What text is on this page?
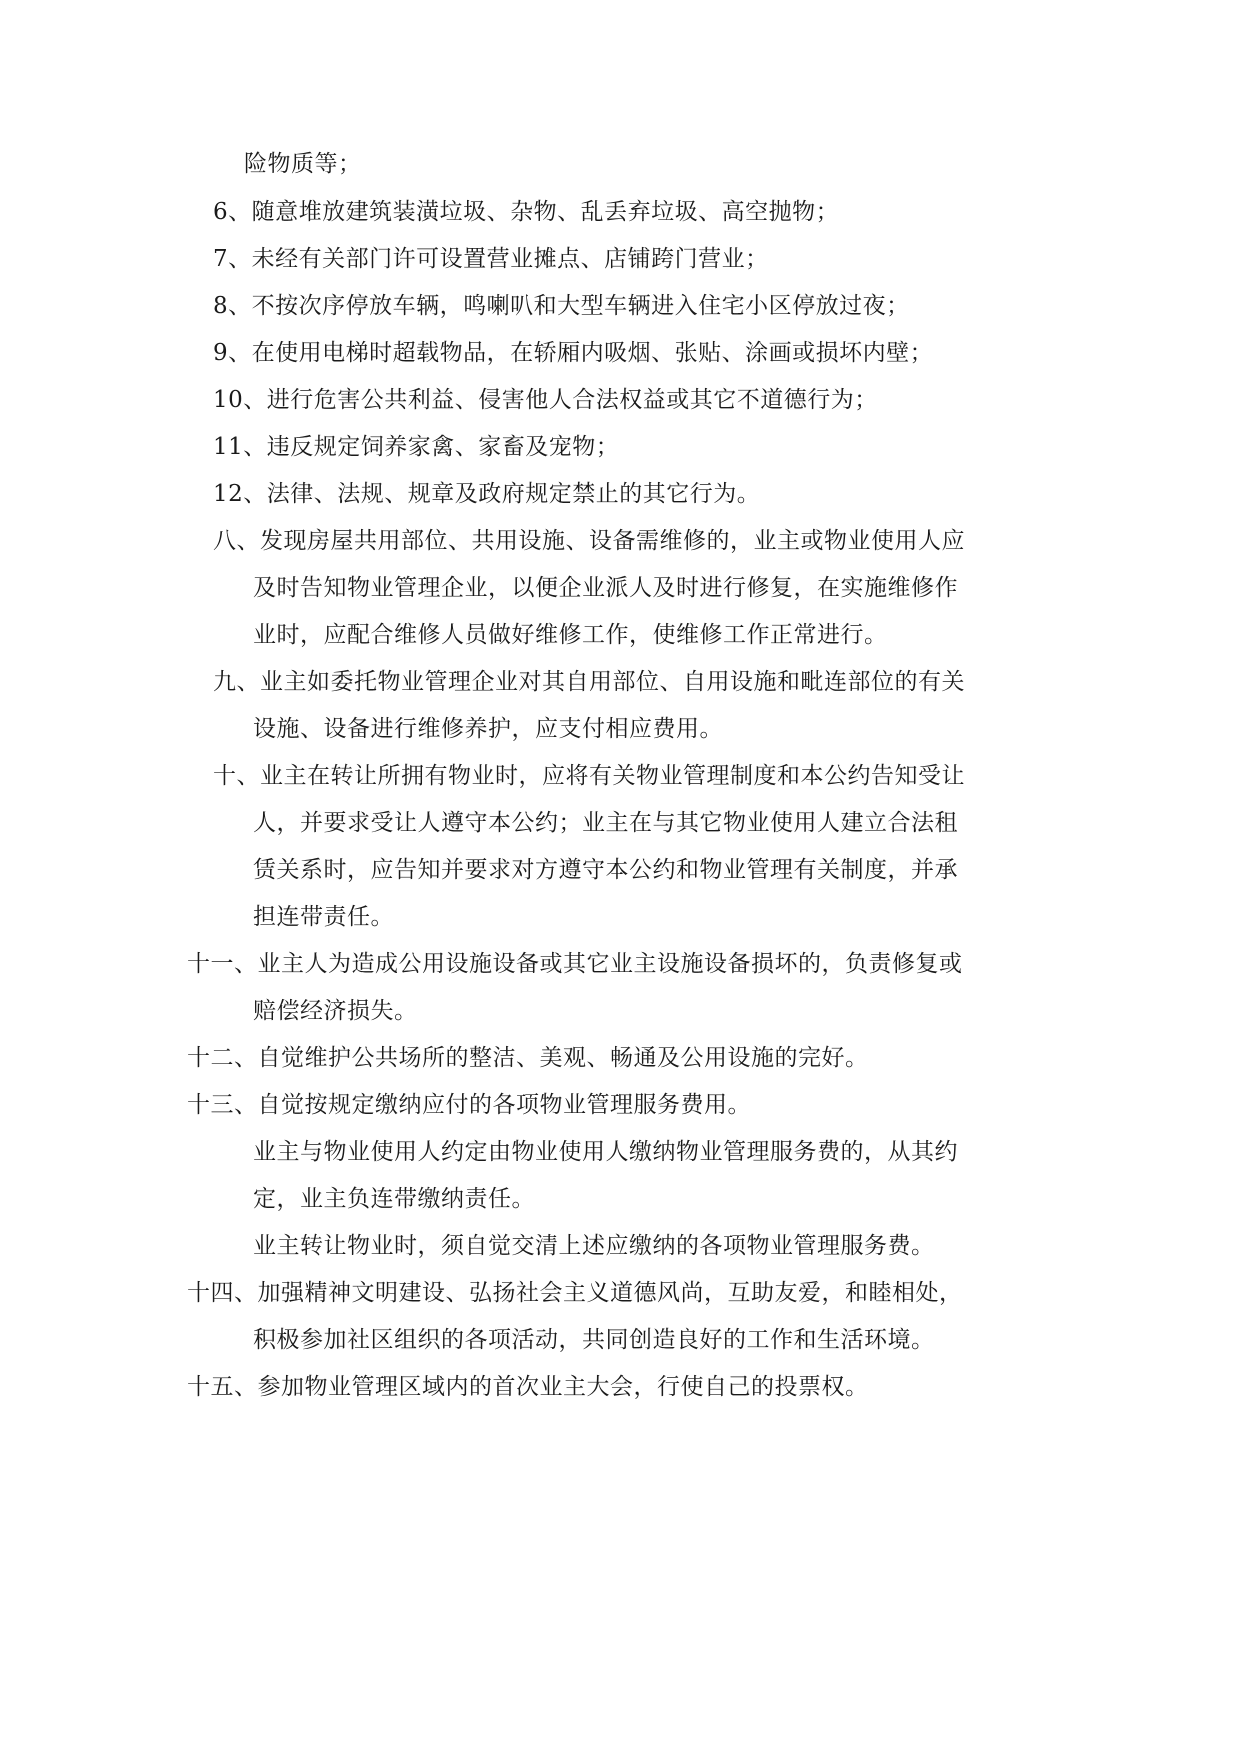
险物质等；
6、随意堆放建筑装潢垃圾、杂物、乱丢弃垃圾、高空抛物；
7、未经有关部门许可设置营业摊点、店铺跨门营业；
8、不按次序停放车辆，鸣喇叭和大型车辆进入住宅小区停放过夜；
9、在使用电梯时超载物品，在轿厢内吸烟、张贴、涂画或损坏内壁；
10、进行危害公共利益、侵害他人合法权益或其它不道德行为；
11、违反规定饲养家禽、家畜及宠物；
12、法律、法规、规章及政府规定禁止的其它行为。
八、发现房屋共用部位、共用设施、设备需维修的，业主或物业使用人应
及时告知物业管理企业，以便企业派人及时进行修复，在实施维修作
业时，应配合维修人员做好维修工作，使维修工作正常进行。
九、业主如委托物业管理企业对其自用部位、自用设施和毗连部位的有关
设施、设备进行维修养护，应支付相应费用。
十、业主在转让所拥有物业时，应将有关物业管理制度和本公约告知受让
人，并要求受让人遵守本公约；业主在与其它物业使用人建立合法租
赁关系时，应告知并要求对方遵守本公约和物业管理有关制度，并承
担连带责任。
十一、业主人为造成公用设施设备或其它业主设施设备损坏的，负责修复或
赔偿经济损失。
十二、自觉维护公共场所的整洁、美观、畅通及公用设施的完好。
十三、自觉按规定缴纳应付的各项物业管理服务费用。
业主与物业使用人约定由物业使用人缴纳物业管理服务费的，从其约
定，业主负连带缴纳责任。
业主转让物业时，须自觉交清上述应缴纳的各项物业管理服务费。
十四、加强精神文明建设、弘扬社会主义道德风尚，互助友爱，和睦相处，
积极参加社区组织的各项活动，共同创造良好的工作和生活环境。
十五、参加物业管理区域内的首次业主大会，行使自己的投票权。
